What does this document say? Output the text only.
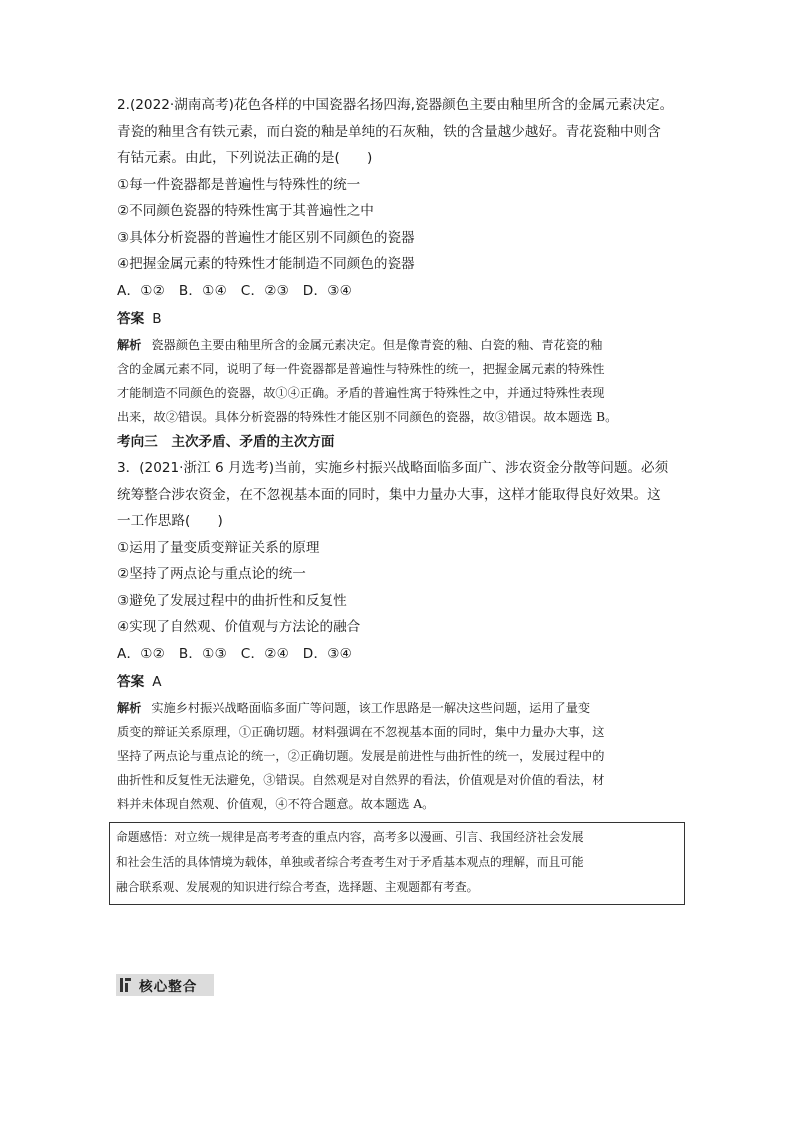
2.(2022·湖南高考)花色各样的中国瓷器名扬四海,瓷器颜色主要由釉里所含的金属元素决定。
青瓷的釉里含有铁元素，而白瓷的釉是单纯的石灰釉，铁的含量越少越好。青花瓷釉中则含
有钴元素。由此，下列说法正确的是(　　)
①每一件瓷器都是普遍性与特殊性的统一
②不同颜色瓷器的特殊性寓于其普遍性之中
③具体分析瓷器的普遍性才能区别不同颜色的瓷器
④把握金属元素的特殊性才能制造不同颜色的瓷器
A．①②　B．①④　C．②③　D．③④
答案 B
解析 瓷器颜色主要由釉里所含的金属元素决定。但是像青瓷的釉、白瓷的釉、青花瓷的釉
含的金属元素不同，说明了每一件瓷器都是普遍性与特殊性的统一，把握金属元素的特殊性
才能制造不同颜色的瓷器，故①④正确。矛盾的普遍性寓于特殊性之中，并通过特殊性表现
出来，故②错误。具体分析瓷器的特殊性才能区别不同颜色的瓷器，故③错误。故本题选 B。
考向三　主次矛盾、矛盾的主次方面
3．(2021·浙江 6 月选考)当前，实施乡村振兴战略面临多面广、涉农资金分散等问题。必须
统筹整合涉农资金，在不忽视基本面的同时，集中力量办大事，这样才能取得良好效果。这
一工作思路(　　)
①运用了量变质变辩证关系的原理
②坚持了两点论与重点论的统一
③避免了发展过程中的曲折性和反复性
④实现了自然观、价值观与方法论的融合
A．①②　B．①③　C．②④　D．③④
答案 A
解析 实施乡村振兴战略面临多面广等问题，该工作思路是一解决这些问题，运用了量变
质变的辩证关系原理，①正确切题。材料强调在不忽视基本面的同时，集中力量办大事，这
坚持了两点论与重点论的统一，②正确切题。发展是前进性与曲折性的统一，发展过程中的
曲折性和反复性无法避免，③错误。自然观是对自然界的看法，价值观是对价值的看法，材
料并未体现自然观、价值观，④不符合题意。故本题选 A。
命题感悟：对立统一规律是高考考查的重点内容，高考多以漫画、引言、我国经济社会发展
和社会生活的具体情境为载体，单独或者综合考查考生对于矛盾基本观点的理解，而且可能
融合联系观、发展观的知识进行综合考查，选择题、主观题都有考查。
核心整合
